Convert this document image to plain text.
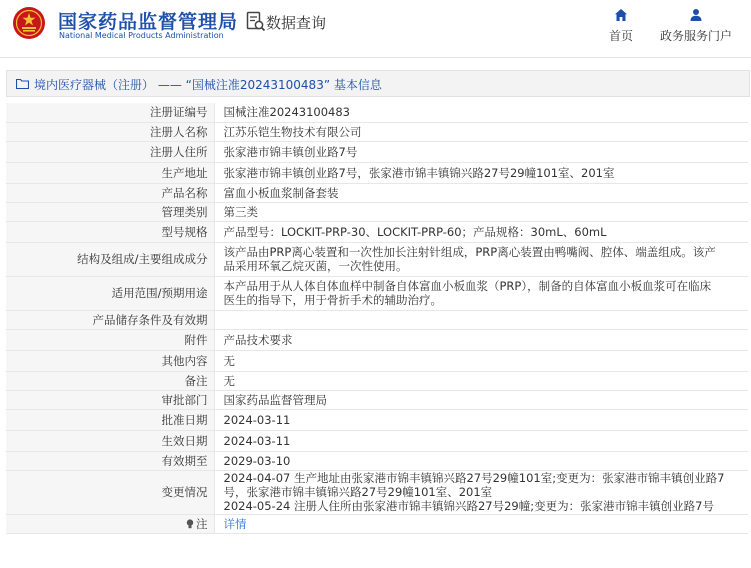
国家药品监督管理局
National Medical Products Administration
数据查询
首页	政务服务门户
境内医疗器械（注册） —— “国械注准20243100483” 基本信息
注册证编号	国械注准20243100483

注册人名称	江苏乐铠生物技术有限公司

注册人住所	张家港市锦丰镇创业路7号

生产地址	张家港市锦丰镇创业路7号，张家港市锦丰镇锦兴路27号29幢101室、201室

产品名称	富血小板血浆制备套装

管理类别	第三类

型号规格	产品型号：LOCKIT-PRP-30、LOCKIT-PRP-60；产品规格：30mL、60mL

结构及组成/主要组成成分	该产品由PRP离心装置和一次性加长注射针组成，PRP离心装置由鸭嘴阀、腔体、端盖组成。该产
品采用环氧乙烷灭菌，一次性使用。

适用范围/预期用途	本产品用于从人体自体血样中制备自体富血小板血浆（PRP），制备的自体富血小板血浆可在临床
医生的指导下，用于骨折手术的辅助治疗。

产品储存条件及有效期	

附件	产品技术要求

其他内容	无

备注	无

审批部门	国家药品监督管理局

批准日期	2024-03-11

生效日期	2024-03-11

有效期至	2029-03-10

变更情况	2024-04-07 生产地址由张家港市锦丰镇锦兴路27号29幢101室;变更为：张家港市锦丰镇创业路7
号，张家港市锦丰镇锦兴路27号29幢101室、201室
2024-05-24 注册人住所由张家港市锦丰镇锦兴路27号29幢;变更为：张家港市锦丰镇创业路7号

注	详情
